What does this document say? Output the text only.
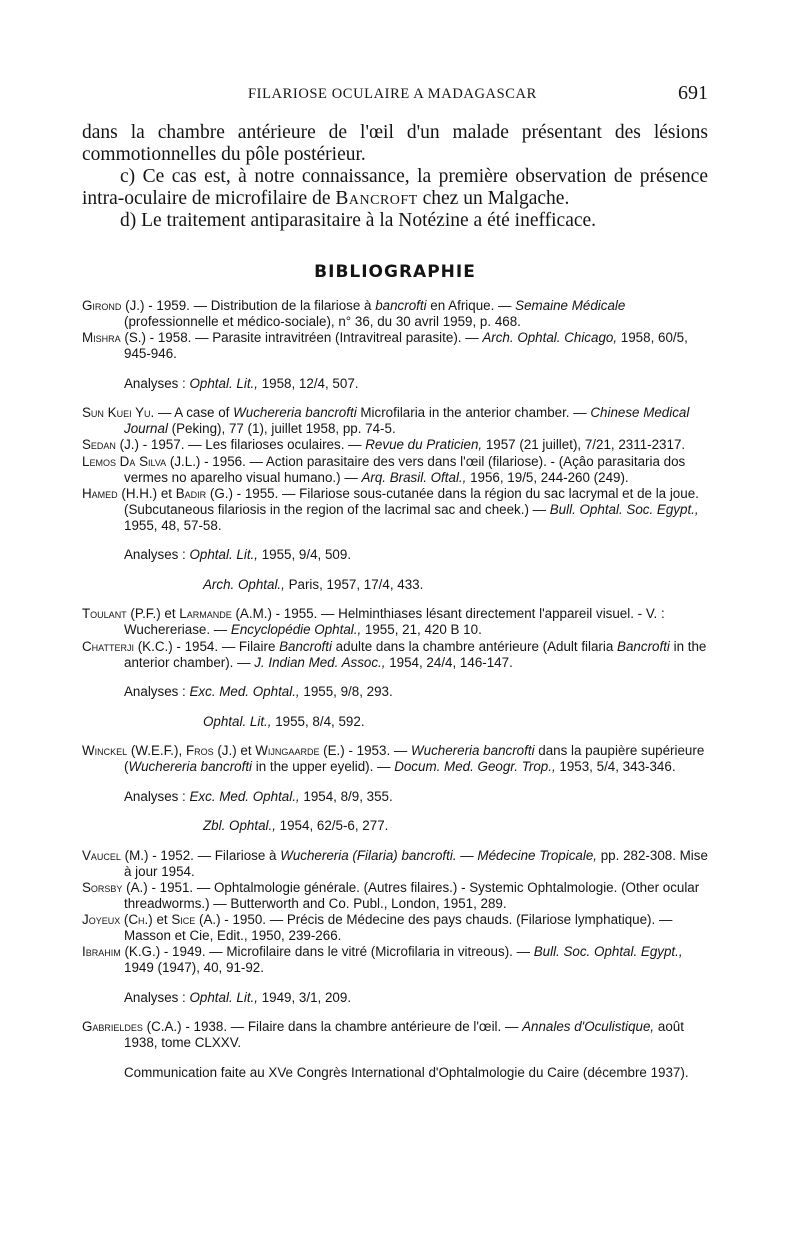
FILARIOSE OCULAIRE A MADAGASCAR	691

dans la chambre antérieure de l'œil d'un malade présentant des lésions commotionnelles du pôle postérieur.

c) Ce cas est, à notre connaissance, la première observation de présence intra-oculaire de microfilaire de Bancroft chez un Malgache.

d) Le traitement antiparasitaire à la Notézine a été inefficace.

BIBLIOGRAPHIE

Girond (J.) - 1959. — Distribution de la filariose à bancrofti en Afrique. — Semaine Médicale (professionnelle et médico-sociale), n° 36, du 30 avril 1959, p. 468.

Mishra (S.) - 1958. — Parasite intravitréen (Intravitreal parasite). — Arch. Ophtal. Chicago, 1958, 60/5, 945-946.

Analyses : Ophtal. Lit., 1958, 12/4, 507.

Sun Kuei Yu. — A case of Wuchereria bancrofti Microfilaria in the anterior chamber. — Chinese Medical Journal (Peking), 77 (1), juillet 1958, pp. 74-5.

Sedan (J.) - 1957. — Les filarioses oculaires. — Revue du Praticien, 1957 (21 juillet), 7/21, 2311-2317.

Lemos Da Silva (J.L.) - 1956. — Action parasitaire des vers dans l'œil (filariose). - (Açâo parasitaria dos vermes no aparelho visual humano.) — Arq. Brasil. Oftal., 1956, 19/5, 244-260 (249).

Hamed (H.H.) et Badir (G.) - 1955. — Filariose sous-cutanée dans la région du sac lacrymal et de la joue. (Subcutaneous filariosis in the region of the lacrimal sac and cheek.) — Bull. Ophtal. Soc. Egypt., 1955, 48, 57-58.

Analyses : Ophtal. Lit., 1955, 9/4, 509.

Arch. Ophtal., Paris, 1957, 17/4, 433.

Toulant (P.F.) et Larmande (A.M.) - 1955. — Helminthiases lésant directement l'appareil visuel. - V. : Wuchereriase. — Encyclopédie Ophtal., 1955, 21, 420 B 10.

Chatterji (K.C.) - 1954. — Filaire Bancrofti adulte dans la chambre antérieure (Adult filaria Bancrofti in the anterior chamber). — J. Indian Med. Assoc., 1954, 24/4, 146-147.

Analyses : Exc. Med. Ophtal., 1955, 9/8, 293.

Ophtal. Lit., 1955, 8/4, 592.

Winckel (W.E.F.), Fros (J.) et Wijngaarde (E.) - 1953. — Wuchereria bancrofti dans la paupière supérieure (Wuchereria bancrofti in the upper eyelid). — Docum. Med. Geogr. Trop., 1953, 5/4, 343-346.

Analyses : Exc. Med. Ophtal., 1954, 8/9, 355.

Zbl. Ophtal., 1954, 62/5-6, 277.

Vaucel (M.) - 1952. — Filariose à Wuchereria (Filaria) bancrofti. — Médecine Tropicale, pp. 282-308. Mise à jour 1954.

Sorsby (A.) - 1951. — Ophtalmologie générale. (Autres filaires.) - Systemic Ophtalmologie. (Other ocular threadworms.) — Butterworth and Co. Publ., London, 1951, 289.

Joyeux (Ch.) et Sice (A.) - 1950. — Précis de Médecine des pays chauds. (Filariose lymphatique). — Masson et Cie, Edit., 1950, 239-266.

Ibrahim (K.G.) - 1949. — Microfilaire dans le vitré (Microfilaria in vitreous). — Bull. Soc. Ophtal. Egypt., 1949 (1947), 40, 91-92.

Analyses : Ophtal. Lit., 1949, 3/1, 209.

Gabrieldes (C.A.) - 1938. — Filaire dans la chambre antérieure de l'œil. — Annales d'Oculistique, août 1938, tome CLXXV.

Communication faite au XVe Congrès International d'Ophtalmologie du Caire (décembre 1937).
